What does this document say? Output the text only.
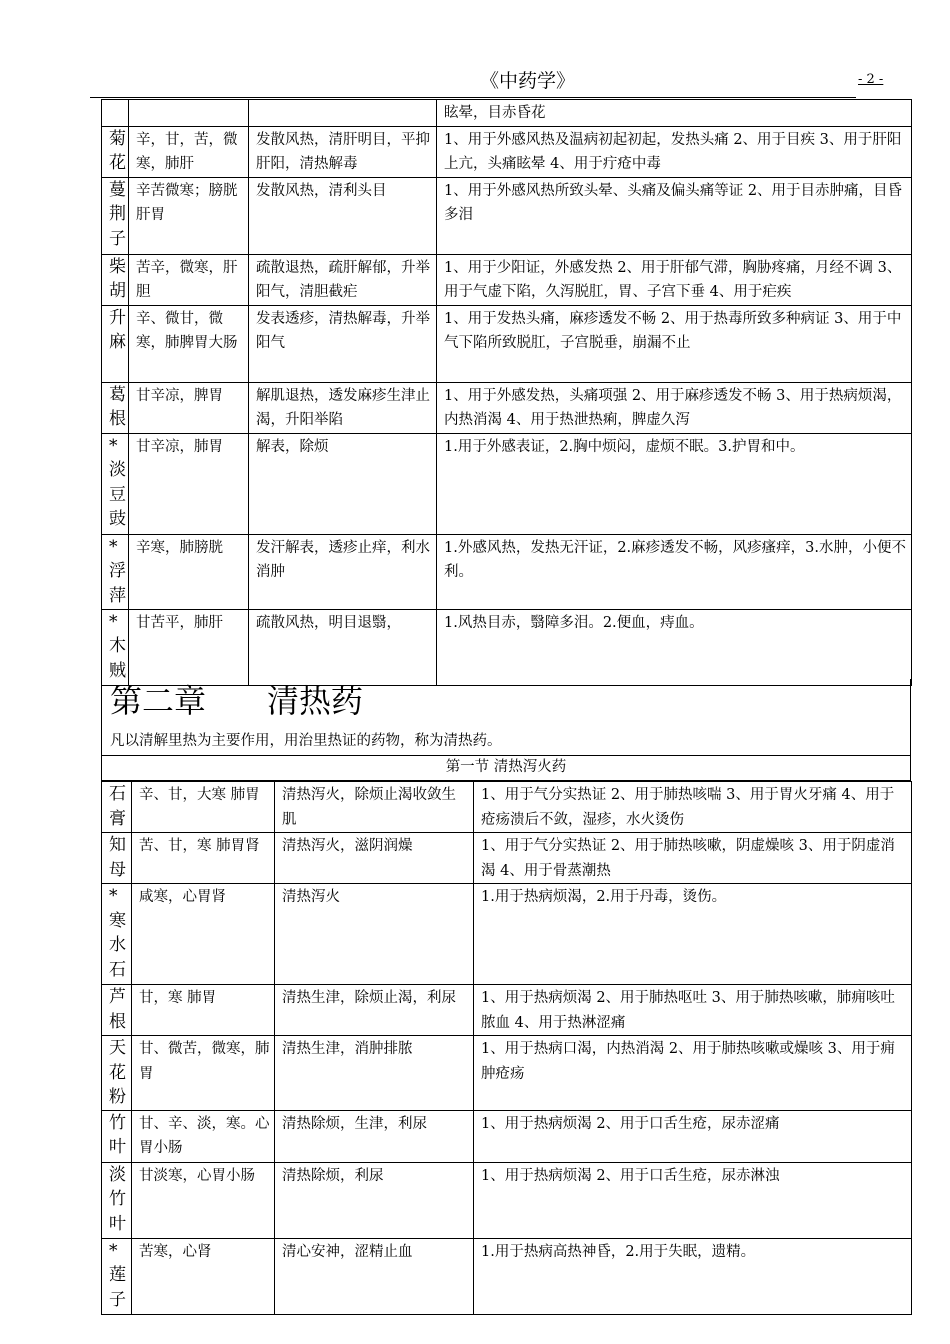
《中药学》	- 2 -
			眩晕，目赤昏花
菊花	辛，甘，苦，微寒，肺肝	发散风热，清肝明目，平抑肝阳，清热解毒	1、用于外感风热及温病初起初起，发热头痛 2、用于目疾 3、用于肝阳上亢，头痛眩晕 4、用于疔疮中毒
蔓荆子	辛苦微寒；膀胱肝胃	发散风热，清利头目	1、用于外感风热所致头晕、头痛及偏头痛等证 2、用于目赤肿痛，目昏多泪
柴胡	苦辛，微寒，肝胆	疏散退热，疏肝解郁，升举阳气，清胆截疟	1、用于少阳证，外感发热 2、用于肝郁气滞，胸胁疼痛，月经不调 3、用于气虚下陷，久泻脱肛，胃、子宫下垂 4、用于疟疾
升麻	辛、微甘，微寒，肺脾胃大肠	发表透疹，清热解毒，升举阳气	1、用于发热头痛，麻疹透发不畅 2、用于热毒所致多种病证 3、用于中气下陷所致脱肛，子宫脱垂，崩漏不止
葛根	甘辛凉，脾胃	解肌退热，透发麻疹生津止渴，升阳举陷	1、用于外感发热，头痛项强 2、用于麻疹透发不畅 3、用于热病烦渴，内热消渴 4、用于热泄热痢，脾虚久泻
*淡豆豉	甘辛凉，肺胃	解表，除烦	1.用于外感表证，2.胸中烦闷，虚烦不眠。3.护胃和中。
*浮萍	辛寒，肺膀胱	发汗解表，透疹止痒，利水消肿	1.外感风热，发热无汗证，2.麻疹透发不畅，风疹瘙痒，3.水肿，小便不利。
*木贼	甘苦平，肺肝	疏散风热，明目退翳，	1.风热目赤，翳障多泪。2.便血，痔血。
第二章      清热药
凡以清解里热为主要作用，用治里热证的药物，称为清热药。
第一节 清热泻火药
石膏	辛、甘，大寒 肺胃	清热泻火，除烦止渴收敛生肌	1、用于气分实热证 2、用于肺热咳喘 3、用于胃火牙痛 4、用于疮疡溃后不敛，湿疹，水火烫伤
知母	苦、甘，寒 肺胃肾	清热泻火，滋阴润燥	1、用于气分实热证 2、用于肺热咳嗽，阴虚燥咳 3、用于阴虚消渴 4、用于骨蒸潮热
*寒水石	咸寒，心胃肾	清热泻火	1.用于热病烦渴，2.用于丹毒，烫伤。
芦根	甘，寒 肺胃	清热生津，除烦止渴，利尿	1、用于热病烦渴 2、用于肺热呕吐 3、用于肺热咳嗽，肺痈咳吐脓血 4、用于热淋涩痛
天花粉	甘、微苦，微寒，肺胃	清热生津，消肿排脓	1、用于热病口渴，内热消渴 2、用于肺热咳嗽或燥咳 3、用于痈肿疮疡
竹叶	甘、辛、淡，寒。心胃小肠	清热除烦，生津，利尿	1、用于热病烦渴 2、用于口舌生疮，尿赤涩痛
淡竹叶	甘淡寒，心胃小肠	清热除烦，利尿	1、用于热病烦渴 2、用于口舌生疮，尿赤淋浊
*莲子	苦寒，心肾	清心安神，涩精止血	1.用于热病高热神昏，2.用于失眠，遗精。
